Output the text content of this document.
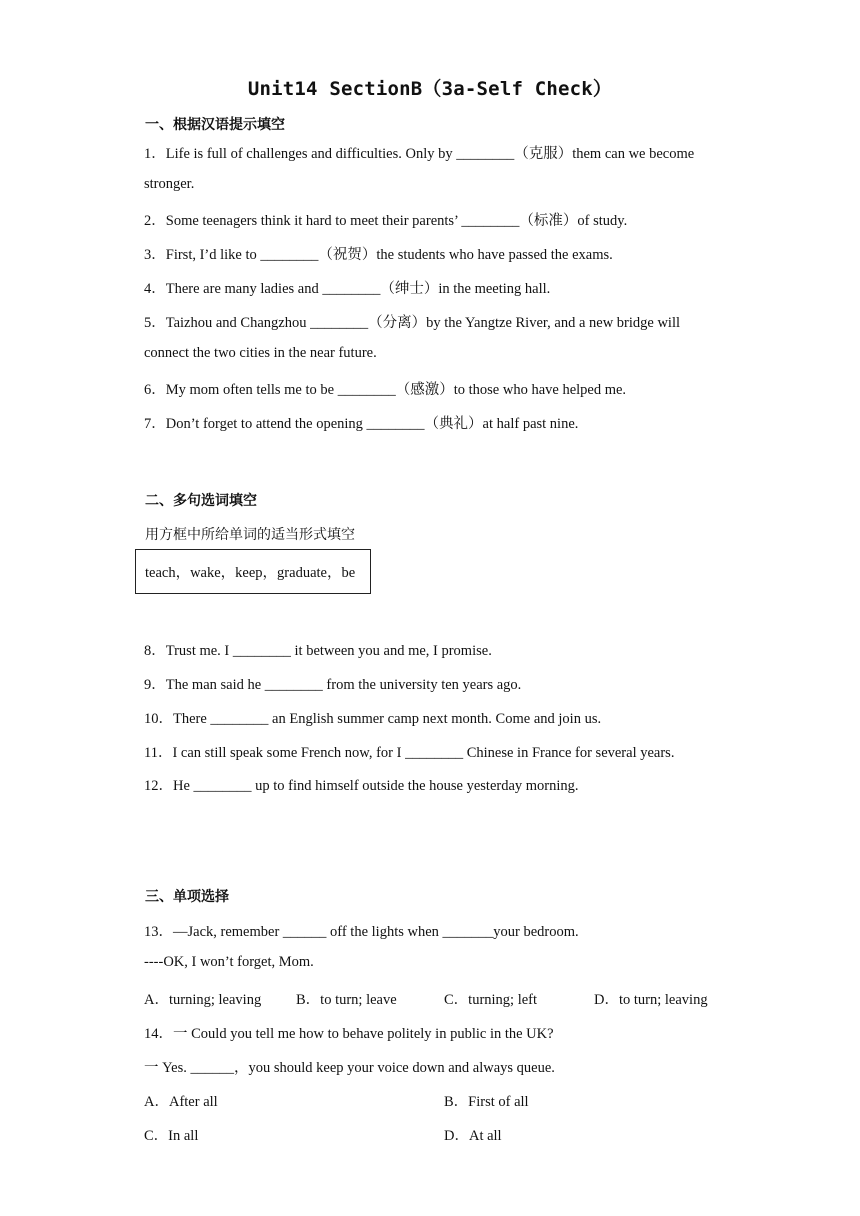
Unit14 SectionB（3a-Self Check）
一、根据汉语提示填空
1．Life is full of challenges and difficulties. Only by ________（克服）them can we become
stronger.
2．Some teenagers think it hard to meet their parents’ ________（标准）of study.
3．First, I’d like to ________（祝贺）the students who have passed the exams.
4．There are many ladies and ________（绅士）in the meeting hall.
5．Taizhou and Changzhou ________（分离）by the Yangtze River, and a new bridge will
connect the two cities in the near future.
6．My mom often tells me to be ________（感激）to those who have helped me.
7．Don’t forget to attend the opening ________（典礼）at half past nine.
二、多句选词填空
用方框中所给单词的适当形式填空
teach，wake，keep，graduate，be
8．Trust me. I ________ it between you and me, I promise.
9．The man said he ________ from the university ten years ago.
10．There ________ an English summer camp next month. Come and join us.
11．I can still speak some French now, for I ________ Chinese in France for several years.
12．He ________ up to find himself outside the house yesterday morning.
三、单项选择
13．—Jack, remember ______ off the lights when _______your bedroom.
----OK, I won’t forget, Mom.
A．turning; leaving B．to turn; leave	C．turning; left	D．to turn; leaving
14．一 Could you tell me how to behave politely in public in the UK?
一 Yes. ______，you should keep your voice down and always queue.
A．After all	B．First of all
C．In all	D．At all
